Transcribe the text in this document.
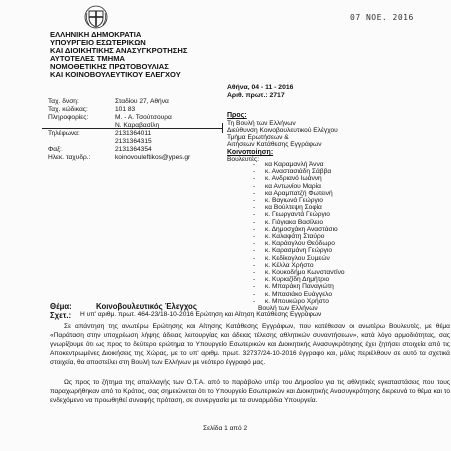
07 NOE. 2016
ΕΛΛΗΝΙΚΗ ΔΗΜΟΚΡΑΤΙΑ
ΥΠΟΥΡΓΕΙΟ ΕΣΩΤΕΡΙΚΩΝ
ΚΑΙ ΔΙΟΙΚΗΤΙΚΗΣ ΑΝΑΣΥΓΚΡΟΤΗΣΗΣ
ΑΥΤΟΤΕΛΕΣ ΤΜΗΜΑ
ΝΟΜΟΘΕΤΙΚΗΣ ΠΡΩΤΟΒΟΥΛΙΑΣ
ΚΑΙ ΚΟΙΝΟΒΟΥΛΕΥΤΙΚΟΥ ΕΛΕΓΧΟΥ
Αθήνα, 04 - 11 - 2016
Αριθ. πρωτ.: 2717
Ταχ. δνση:	Σταδίου 27, Αθήνα
Ταχ. κώδικας:	101 83
Πληροφορίες:	Μ. - Α. Τσούτσουρα
Ν. Καραβασίλη
Τηλέφωνα:	2131364011
2131364315
Φαξ:	2131364354
Ηλεκ. ταχυδρ.:	koinovouleftikos@ypes.gr
Προς:
Τη Βουλή των Ελλήνων
Διεύθυνση Κοινοβουλευτικού Ελέγχου
Τμήμα Ερωτήσεων &
Αιτήσεων Κατάθεσης Εγγράφων
Κοινοποίηση:
Βουλευτές:
- κα Καραμανλή Άννα
- κ. Αναστασιάδη Σάββα
- κ. Ανδριανό Ιωάννη
- κα Αντωνίου Μαρία
- κα Αραμπατζή Φωτεινή
- κ. Βαγιωνά Γεώργιο
- κα Βούλτεψη Σοφία
- κ. Γεωργαντά Γεώργιο
- κ. Γιόγιακα Βασίλειο
- κ. Δημοσχάκη Αναστάσιο
- κ. Καλαφάτη Σταύρο
- κ. Καράογλου Θεόδωρο
- κ. Καρασμάνη Γεώργιο
- κ. Κεδίκογλου Συμεών
- κ. Κέλλα Χρήστο
- κ. Κουκοδήμο Κωνσταντίνο
- κ. Κυριαζίδη Δημήτριο
- κ. Μπαράκη Παναγιώτη
- κ. Μπασιάκο Ευάγγελο
- κ. Μπουκώρο Χρήστο
Βουλή των Ελλήνων
Θέμα:	Κοινοβουλευτικός Έλεγχος
Σχετ.: Η υπ' αριθμ. πρωτ. 464-23/18-10-2016 Ερώτηση και Αίτηση Κατάθεσης Εγγράφων
Σε απάντηση της ανωτέρω Ερώτησης και Αίτησης Κατάθεσης Εγγράφων, που κατέθεσαν οι ανωτέρω Βουλευτές, με θέμα «Παράταση στην υποχρέωση λήψης άδειας λειτουργίας και άδειας τέλεσης αθλητικών συναντήσεων», κατά λόγο αρμοδιότητας, σας γνωρίζουμε ότι ως προς το δεύτερο ερώτημα το Υπουργείο Εσωτερικών και Διοικητικής Ανασυγκρότησης έχει ζητήσει στοιχεία από τις Αποκεντρωμένες Διοικήσεις της Χώρας, με το υπ' αριθμ. πρωτ. 32737/24-10-2016 έγγραφο και, μόλις περιέλθουν σε αυτό τα σχετικά στοιχεία, θα αποστείλει στη Βουλή των Ελλήνων με νεότερο έγγραφό μας.
Ως προς το ζήτημα της απαλλαγής των Ο.Τ.Α. από το παράβολο υπέρ του Δημοσίου για τις αθλητικές εγκαταστάσεις που τους παραχωρήθηκαν από το Κράτος, σας σημειώνεται ότι το Υπουργείο Εσωτερικών και Διοικητικής Ανασυγκρότησης διερευνά το θέμα και το ενδεχόμενο να προωθηθεί συναφής πρόταση, σε συνεργασία με τα συναρμόδια Υπουργεία.
Σελίδα 1 από 2
